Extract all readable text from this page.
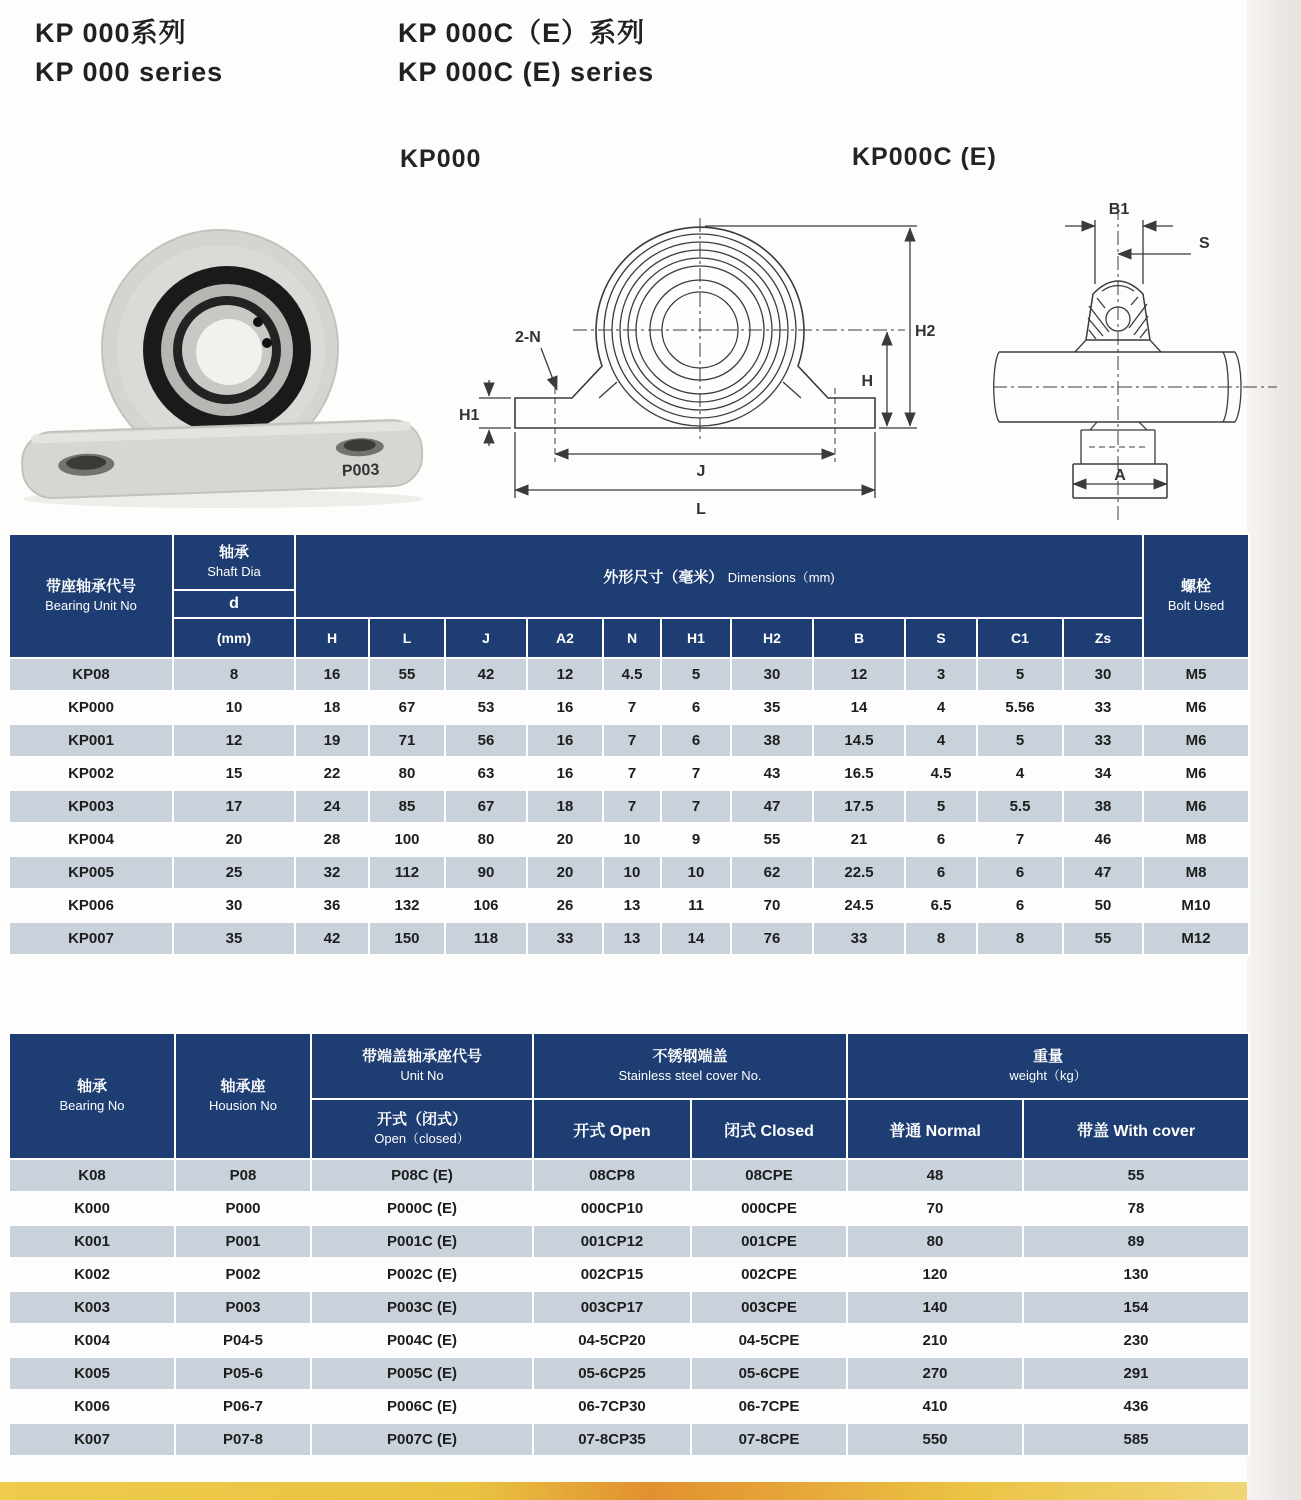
KP 000系列
KP 000 series
KP 000C（E）系列
KP 000C (E) series
KP000	KP000C (E)
P003
2-N
H1
H2
H
J
L
B1
S
A
带座轴承代号
Bearing Unit No	轴承
Shaft Dia	外形尺寸（毫米） Dimensions（mm)											螺栓
Bolt Used

	d												
	(mm)	H	L	J	A2	N	H1	H2	B	S	C1	Zs	
KP08	8	16	55	42	12	4.5	5	30	12	3	5	30	M5
KP000	10	18	67	53	16	7	6	35	14	4	5.56	33	M6
KP001	12	19	71	56	16	7	6	38	14.5	4	5	33	M6
KP002	15	22	80	63	16	7	7	43	16.5	4.5	4	34	M6
KP003	17	24	85	67	18	7	7	47	17.5	5	5.5	38	M6
KP004	20	28	100	80	20	10	9	55	21	6	7	46	M8
KP005	25	32	112	90	20	10	10	62	22.5	6	6	47	M8
KP006	30	36	132	106	26	13	11	70	24.5	6.5	6	50	M10
KP007	35	42	150	118	33	13	14	76	33	8	8	55	M12
轴承
Bearing No	轴承座
Housion No	带端盖轴承座代号
Unit No	不锈钢端盖
Stainless steel cover No.		重量
weight（kg）	

		开式（闭式）
Open（closed）	开式 Open	闭式 Closed	普通 Normal	带盖 With cover
K08	P08	P08C (E)	08CP8	08CPE	48	55
K000	P000	P000C (E)	000CP10	000CPE	70	78
K001	P001	P001C (E)	001CP12	001CPE	80	89
K002	P002	P002C (E)	002CP15	002CPE	120	130
K003	P003	P003C (E)	003CP17	003CPE	140	154
K004	P04-5	P004C (E)	04-5CP20	04-5CPE	210	230
K005	P05-6	P005C (E)	05-6CP25	05-6CPE	270	291
K006	P06-7	P006C (E)	06-7CP30	06-7CPE	410	436
K007	P07-8	P007C (E)	07-8CP35	07-8CPE	550	585
